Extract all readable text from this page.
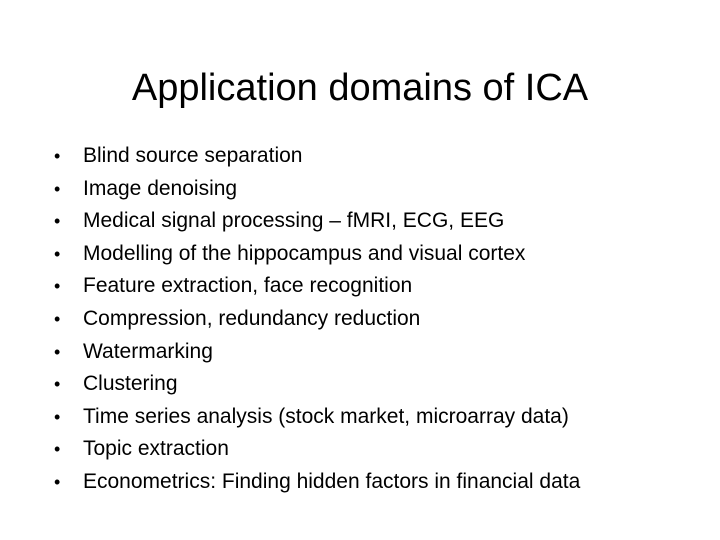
Application domains of ICA
•	Blind source separation
•	Image denoising
•	Medical signal processing – fMRI, ECG, EEG
•	Modelling of the hippocampus and visual cortex
•	Feature extraction, face recognition
•	Compression, redundancy reduction
•	Watermarking
•	Clustering
•	Time series analysis (stock market, microarray data)
•	Topic extraction
•	Econometrics: Finding hidden factors in financial data
